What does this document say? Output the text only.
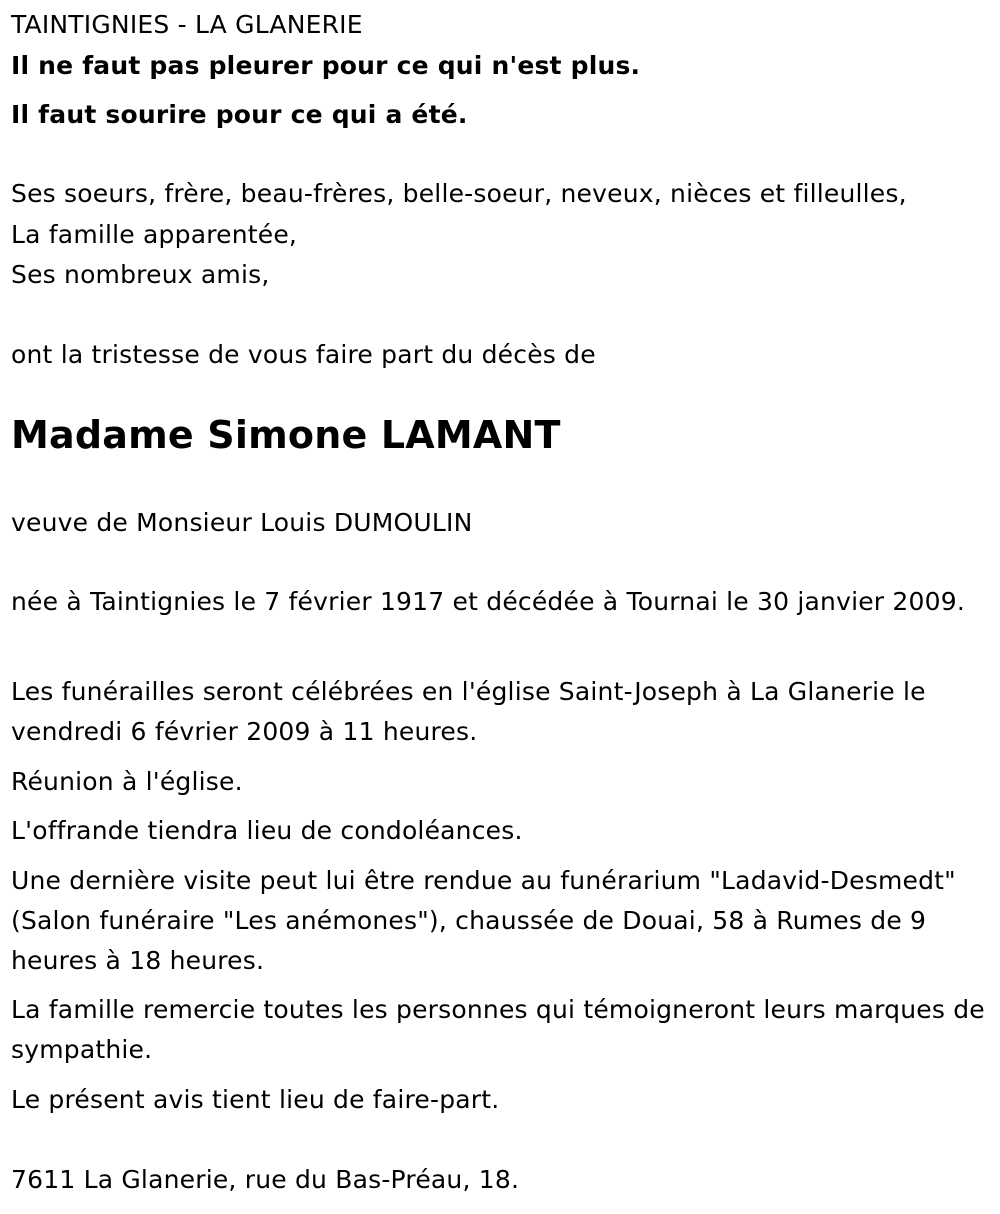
TAINTIGNIES - LA GLANERIE
Il ne faut pas pleurer pour ce qui n'est plus.
Il faut sourire pour ce qui a été.
Ses soeurs, frère, beau-frères, belle-soeur, neveux, nièces et filleulles,
La famille apparentée,
Ses nombreux amis,
ont la tristesse de vous faire part du décès de
Madame Simone LAMANT
veuve de Monsieur Louis DUMOULIN
née à Taintignies le 7 février 1917 et décédée à Tournai le 30 janvier 2009.
Les funérailles seront célébrées en l'église Saint-Joseph à La Glanerie le vendredi 6 février 2009 à 11 heures.
Réunion à l'église.
L'offrande tiendra lieu de condoléances.
Une dernière visite peut lui être rendue au funérarium "Ladavid-Desmedt" (Salon funéraire "Les anémones"), chaussée de Douai, 58 à Rumes de 9 heures à 18 heures.
La famille remercie toutes les personnes qui témoigneront leurs marques de sympathie.
Le présent avis tient lieu de faire-part.
7611 La Glanerie, rue du Bas-Préau, 18.
